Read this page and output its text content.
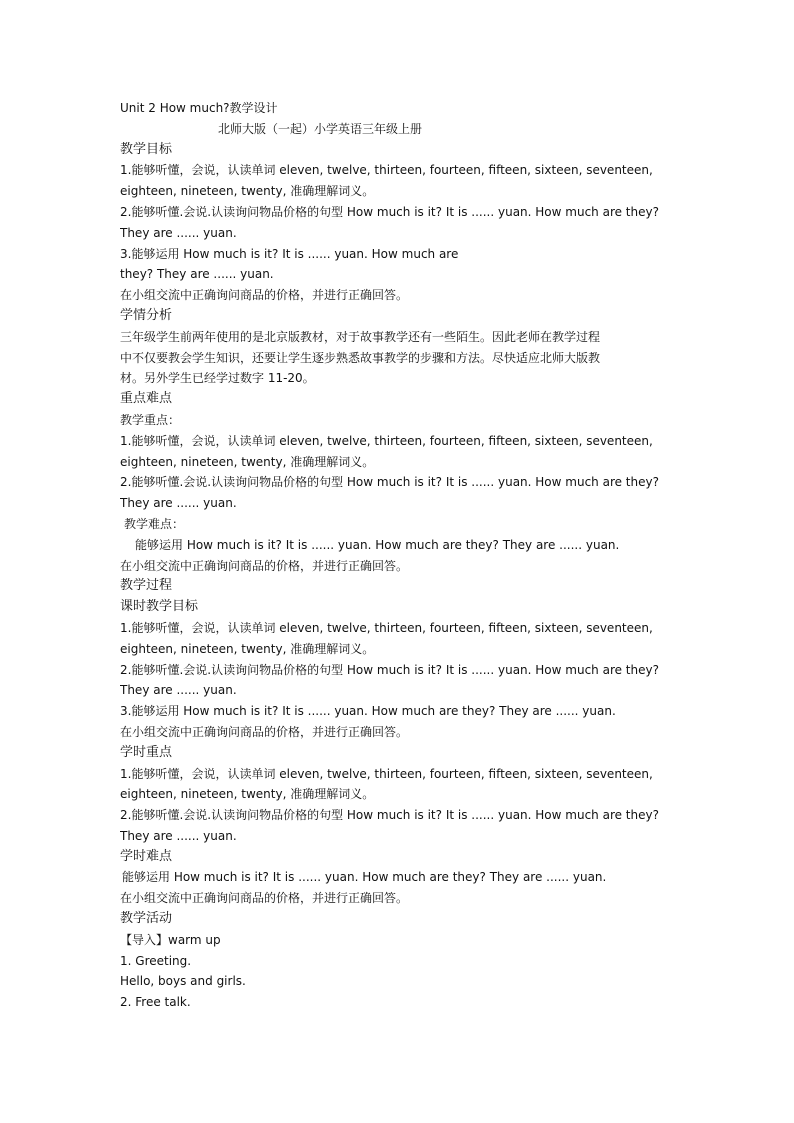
Unit 2 How much?教学设计
北师大版（一起）小学英语三年级上册
教学目标
1.能够听懂，会说，认读单词 eleven, twelve, thirteen, fourteen, fifteen, sixteen, seventeen,
eighteen, nineteen, twenty, 准确理解词义。
2.能够听懂.会说.认读询问物品价格的句型 How much is it? It is ...... yuan. How much are they?
They are ...... yuan.
3.能够运用 How much is it? It is ...... yuan. How much are
they? They are ...... yuan.
在小组交流中正确询问商品的价格，并进行正确回答。
学情分析
三年级学生前两年使用的是北京版教材，对于故事教学还有一些陌生。因此老师在教学过程
中不仅要教会学生知识，还要让学生逐步熟悉故事教学的步骤和方法。尽快适应北师大版教
材。另外学生已经学过数字 11-20。
重点难点
教学重点：
1.能够听懂，会说，认读单词 eleven, twelve, thirteen, fourteen, fifteen, sixteen, seventeen,
eighteen, nineteen, twenty, 准确理解词义。
2.能够听懂.会说.认读询问物品价格的句型 How much is it? It is ...... yuan. How much are they?
They are ...... yuan.
教学难点：
能够运用 How much is it? It is ...... yuan. How much are they? They are ...... yuan.
在小组交流中正确询问商品的价格，并进行正确回答。
教学过程
课时教学目标
1.能够听懂，会说，认读单词 eleven, twelve, thirteen, fourteen, fifteen, sixteen, seventeen,
eighteen, nineteen, twenty, 准确理解词义。
2.能够听懂.会说.认读询问物品价格的句型 How much is it? It is ...... yuan. How much are they?
They are ...... yuan.
3.能够运用 How much is it? It is ...... yuan. How much are they? They are ...... yuan.
在小组交流中正确询问商品的价格，并进行正确回答。
学时重点
1.能够听懂，会说，认读单词 eleven, twelve, thirteen, fourteen, fifteen, sixteen, seventeen,
eighteen, nineteen, twenty, 准确理解词义。
2.能够听懂.会说.认读询问物品价格的句型 How much is it? It is ...... yuan. How much are they?
They are ...... yuan.
学时难点
能够运用 How much is it? It is ...... yuan. How much are they? They are ...... yuan.
在小组交流中正确询问商品的价格，并进行正确回答。
教学活动
【导入】warm up
1. Greeting.
Hello, boys and girls.
2. Free talk.
